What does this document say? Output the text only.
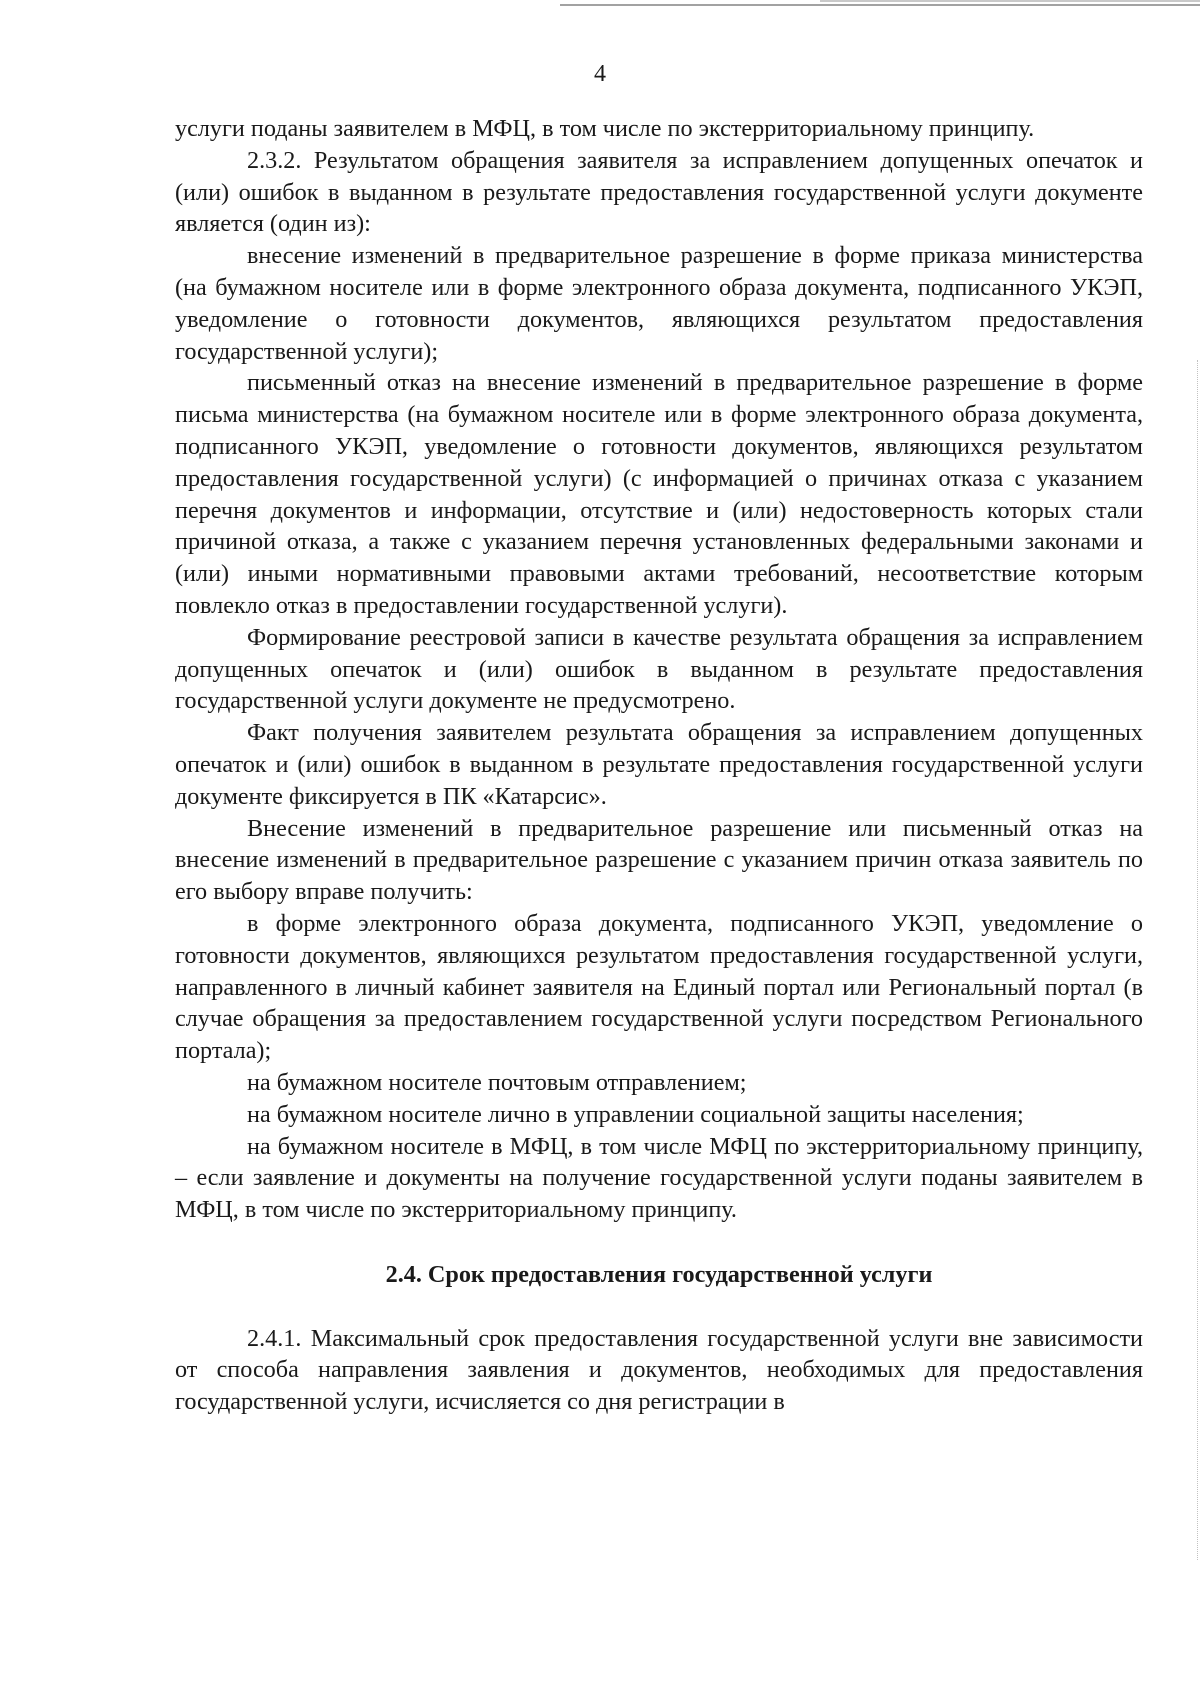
4

услуги поданы заявителем в МФЦ, в том числе по экстерриториальному принципу.

2.3.2. Результатом обращения заявителя за исправлением допущенных опечаток и (или) ошибок в выданном в результате предоставления государственной услуги документе является (один из):

внесение изменений в предварительное разрешение в форме приказа министерства (на бумажном носителе или в форме электронного образа документа, подписанного УКЭП, уведомление о готовности документов, являющихся результатом предоставления государственной услуги);

письменный отказ на внесение изменений в предварительное разрешение в форме письма министерства (на бумажном носителе или в форме электронного образа документа, подписанного УКЭП, уведомление о готовности документов, являющихся результатом предоставления государственной услуги) (с информацией о причинах отказа с указанием перечня документов и информации, отсутствие и (или) недостоверность которых стали причиной отказа, а также с указанием перечня установленных федеральными законами и (или) иными нормативными правовыми актами требований, несоответствие которым повлекло отказ в предоставлении государственной услуги).

Формирование реестровой записи в качестве результата обращения за исправлением допущенных опечаток и (или) ошибок в выданном в результате предоставления государственной услуги документе не предусмотрено.

Факт получения заявителем результата обращения за исправлением допущенных опечаток и (или) ошибок в выданном в результате предоставления государственной услуги документе фиксируется в ПК «Катарсис».

Внесение изменений в предварительное разрешение или письменный отказ на внесение изменений в предварительное разрешение с указанием причин отказа заявитель по его выбору вправе получить:

в форме электронного образа документа, подписанного УКЭП, уведомление о готовности документов, являющихся результатом предоставления государственной услуги, направленного в личный кабинет заявителя на Единый портал или Региональный портал (в случае обращения за предоставлением государственной услуги посредством Регионального портала);

на бумажном носителе почтовым отправлением;

на бумажном носителе лично в управлении социальной защиты населения;

на бумажном носителе в МФЦ, в том числе МФЦ по экстерриториальному принципу, – если заявление и документы на получение государственной услуги поданы заявителем в МФЦ, в том числе по экстерриториальному принципу.

2.4. Срок предоставления государственной услуги

2.4.1. Максимальный срок предоставления государственной услуги вне зависимости от способа направления заявления и документов, необходимых для предоставления государственной услуги, исчисляется со дня регистрации в
